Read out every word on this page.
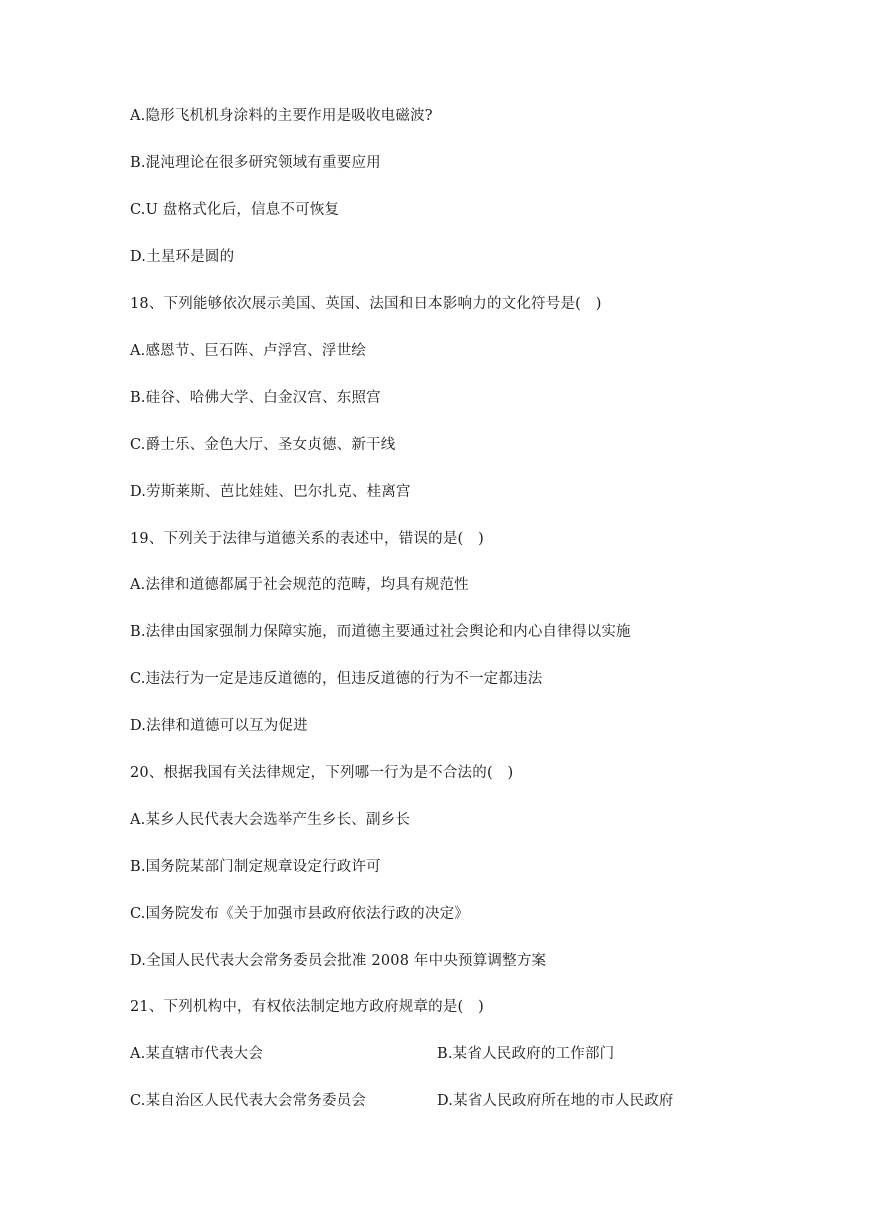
A.隐形飞机机身涂料的主要作用是吸收电磁波?
B.混沌理论在很多研究领域有重要应用
C.U 盘格式化后，信息不可恢复
D.土星环是圆的
18、下列能够依次展示美国、英国、法国和日本影响力的文化符号是(　)
A.感恩节、巨石阵、卢浮宫、浮世绘
B.硅谷、哈佛大学、白金汉宫、东照宫
C.爵士乐、金色大厅、圣女贞德、新干线
D.劳斯莱斯、芭比娃娃、巴尔扎克、桂离宫
19、下列关于法律与道德关系的表述中，错误的是(　)
A.法律和道德都属于社会规范的范畴，均具有规范性
B.法律由国家强制力保障实施，而道德主要通过社会舆论和内心自律得以实施
C.违法行为一定是违反道德的，但违反道德的行为不一定都违法
D.法律和道德可以互为促进
20、根据我国有关法律规定，下列哪一行为是不合法的(　)
A.某乡人民代表大会选举产生乡长、副乡长
B.国务院某部门制定规章设定行政许可
C.国务院发布《关于加强市县政府依法行政的决定》
D.全国人民代表大会常务委员会批准 2008 年中央预算调整方案
21、下列机构中，有权依法制定地方政府规章的是(　)
A.某直辖市代表大会	B.某省人民政府的工作部门
C.某自治区人民代表大会常务委员会	D.某省人民政府所在地的市人民政府
